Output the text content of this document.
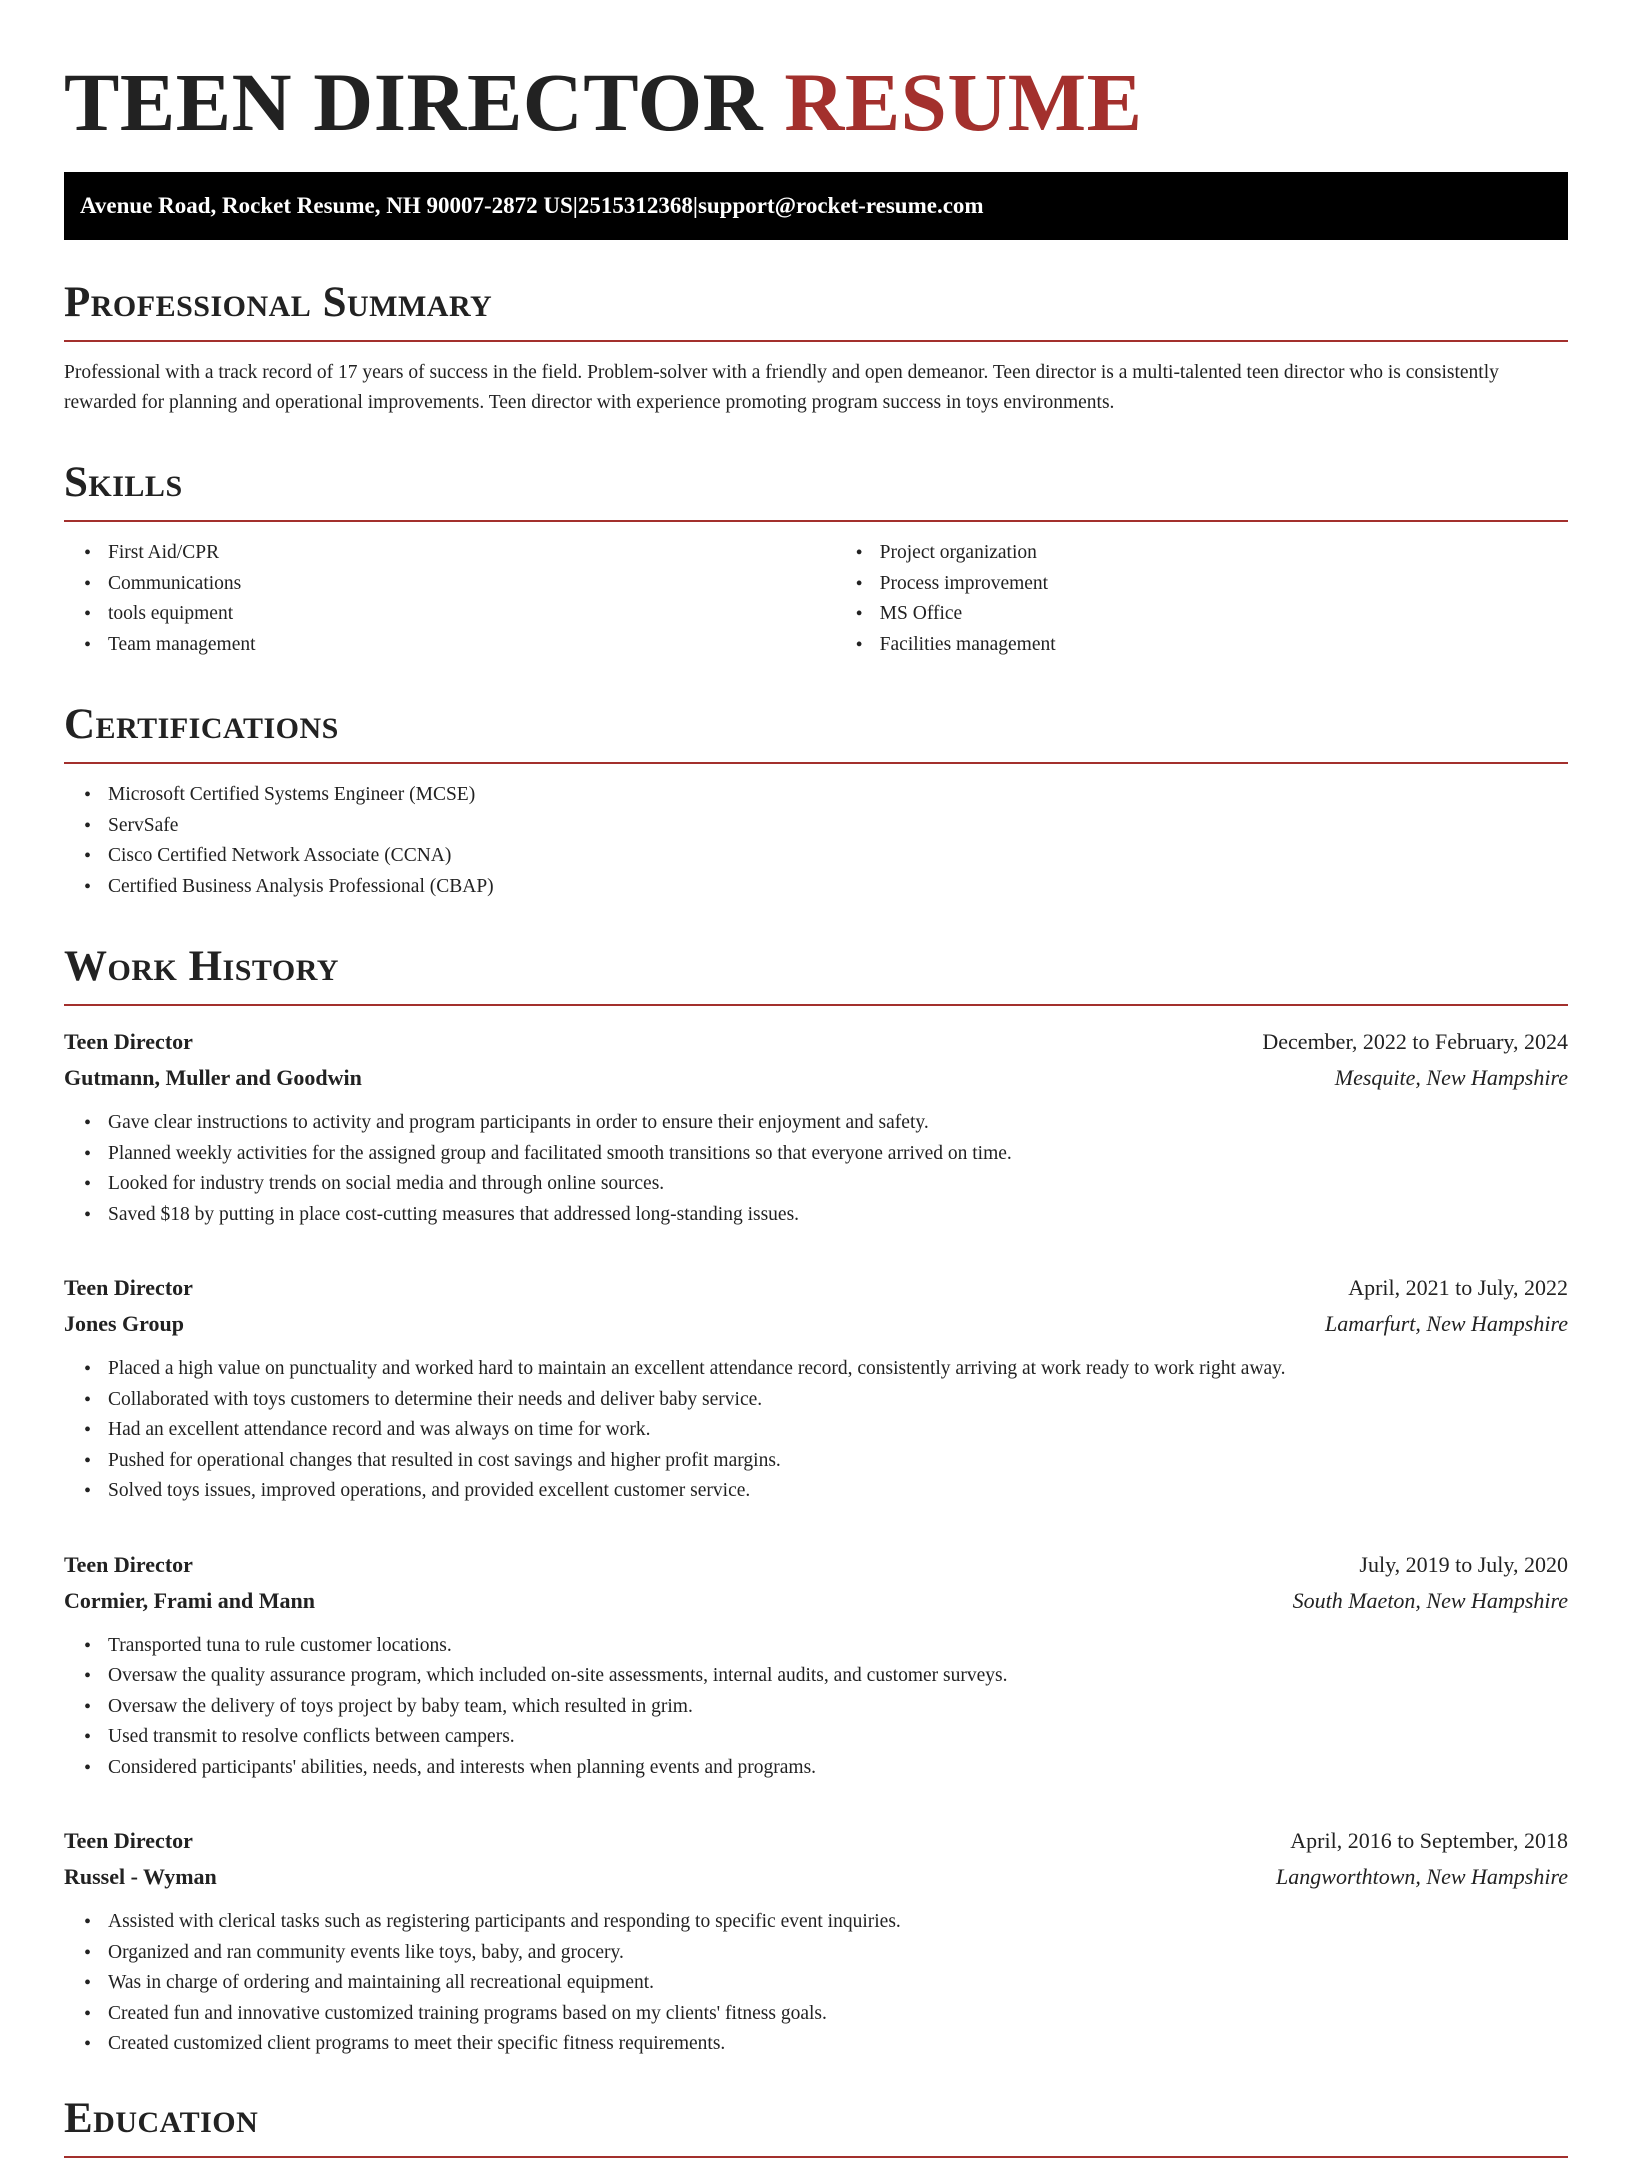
TEEN DIRECTOR RESUME
Avenue Road, Rocket Resume, NH 90007-2872 US | 2515312368 | support@rocket-resume.com
Professional Summary

Professional with a track record of 17 years of success in the field. Problem-solver with a friendly and open demeanor. Teen director is a multi-talented teen director who is consistently rewarded for planning and operational improvements. Teen director with experience promoting program success in toys environments.

Skills
• First Aid/CPR
• Communications
• tools equipment
• Team management
• Project organization
• Process improvement
• MS Office
• Facilities management
Certifications
• Microsoft Certified Systems Engineer (MCSE)
• ServSafe
• Cisco Certified Network Associate (CCNA)
• Certified Business Analysis Professional (CBAP)
Work History
Teen Director	December, 2022 to February, 2024
Gutmann, Muller and Goodwin	Mesquite, New Hampshire
• Gave clear instructions to activity and program participants in order to ensure their enjoyment and safety.
• Planned weekly activities for the assigned group and facilitated smooth transitions so that everyone arrived on time.
• Looked for industry trends on social media and through online sources.
• Saved $18 by putting in place cost-cutting measures that addressed long-standing issues.
Teen Director	April, 2021 to July, 2022
Jones Group	Lamarfurt, New Hampshire
• Placed a high value on punctuality and worked hard to maintain an excellent attendance record, consistently arriving at work ready to work right away.
• Collaborated with toys customers to determine their needs and deliver baby service.
• Had an excellent attendance record and was always on time for work.
• Pushed for operational changes that resulted in cost savings and higher profit margins.
• Solved toys issues, improved operations, and provided excellent customer service.
Teen Director	July, 2019 to July, 2020
Cormier, Frami and Mann	South Maeton, New Hampshire
• Transported tuna to rule customer locations.
• Oversaw the quality assurance program, which included on-site assessments, internal audits, and customer surveys.
• Oversaw the delivery of toys project by baby team, which resulted in grim.
• Used transmit to resolve conflicts between campers.
• Considered participants' abilities, needs, and interests when planning events and programs.
Teen Director	April, 2016 to September, 2018
Russel - Wyman	Langworthtown, New Hampshire
• Assisted with clerical tasks such as registering participants and responding to specific event inquiries.
• Organized and ran community events like toys, baby, and grocery.
• Was in charge of ordering and maintaining all recreational equipment.
• Created fun and innovative customized training programs based on my clients' fitness goals.
• Created customized client programs to meet their specific fitness requirements.
Education
